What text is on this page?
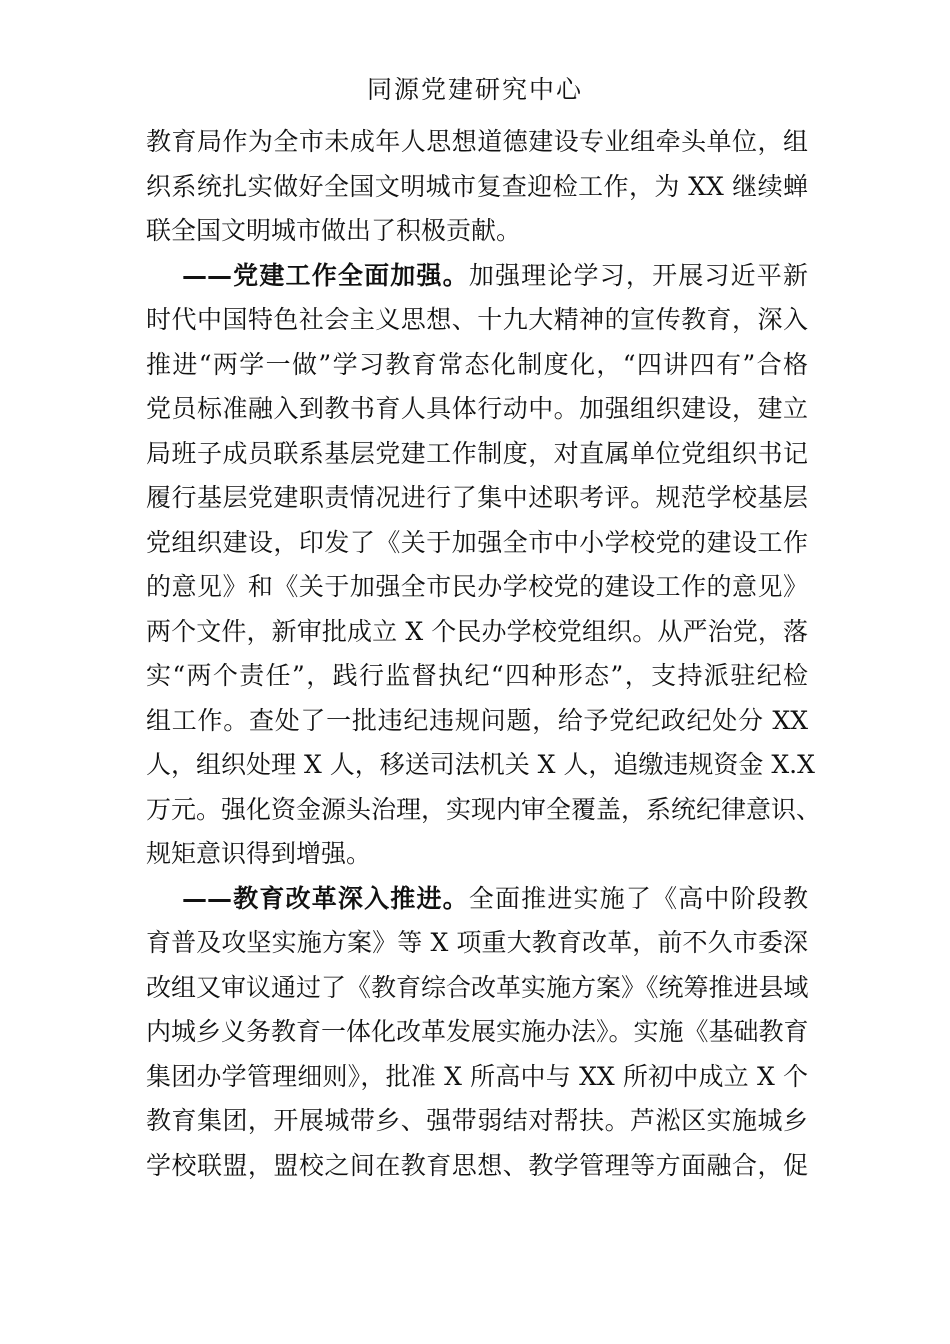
同源党建研究中心
教育局作为全市未成年人思想道德建设专业组牵头单位，组
织系统扎实做好全国文明城市复查迎检工作，为 XX 继续蝉
联全国文明城市做出了积极贡献。
——党建工作全面加强。加强理论学习，开展习近平新
时代中国特色社会主义思想、十九大精神的宣传教育，深入
推进“两学一做”学习教育常态化制度化，“四讲四有”合格
党员标准融入到教书育人具体行动中。加强组织建设，建立
局班子成员联系基层党建工作制度，对直属单位党组织书记
履行基层党建职责情况进行了集中述职考评。规范学校基层
党组织建设，印发了《关于加强全市中小学校党的建设工作
的意见》和《关于加强全市民办学校党的建设工作的意见》
两个文件，新审批成立 X 个民办学校党组织。从严治党，落
实“两个责任”，践行监督执纪“四种形态”，支持派驻纪检
组工作。查处了一批违纪违规问题，给予党纪政纪处分 XX
人，组织处理 X 人，移送司法机关 X 人，追缴违规资金 X.X
万元。强化资金源头治理，实现内审全覆盖，系统纪律意识、
规矩意识得到增强。
——教育改革深入推进。全面推进实施了《高中阶段教
育普及攻坚实施方案》等 X 项重大教育改革，前不久市委深
改组又审议通过了《教育综合改革实施方案》《统筹推进县域
内城乡义务教育一体化改革发展实施办法》。实施《基础教育
集团办学管理细则》，批准 X 所高中与 XX 所初中成立 X 个
教育集团，开展城带乡、强带弱结对帮扶。芦淞区实施城乡
学校联盟，盟校之间在教育思想、教学管理等方面融合，促
